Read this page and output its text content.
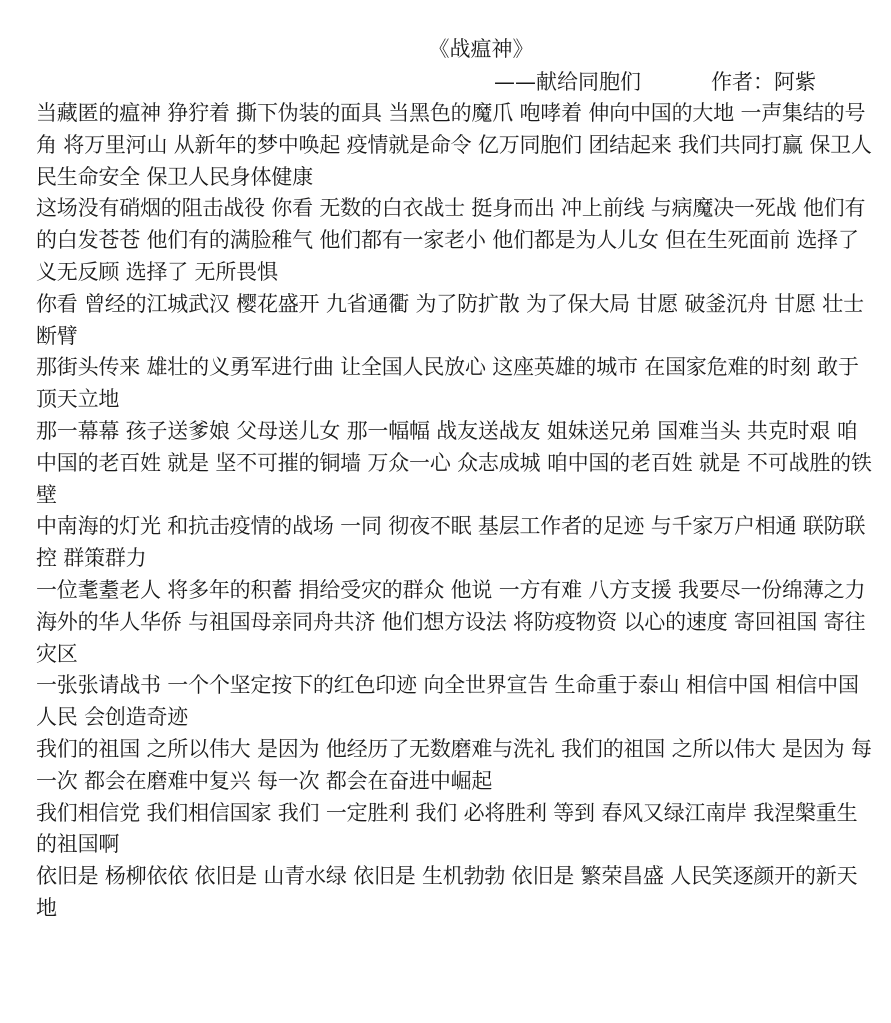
《战瘟神》
——献给同胞们	作者：阿紫

当藏匿的瘟神 狰狞着 撕下伪装的面具 当黑色的魔爪 咆哮着 伸向中国的大地 一声集结的号角 将万里河山 从新年的梦中唤起 疫情就是命令 亿万同胞们 团结起来 我们共同打赢 保卫人民生命安全 保卫人民身体健康

这场没有硝烟的阻击战役 你看 无数的白衣战士 挺身而出 冲上前线 与病魔决一死战 他们有的白发苍苍 他们有的满脸稚气 他们都有一家老小 他们都是为人儿女 但在生死面前 选择了 义无反顾 选择了 无所畏惧

你看 曾经的江城武汉 樱花盛开 九省通衢 为了防扩散 为了保大局 甘愿 破釜沉舟 甘愿 壮士断臂

那街头传来 雄壮的义勇军进行曲 让全国人民放心 这座英雄的城市 在国家危难的时刻 敢于 顶天立地

那一幕幕 孩子送爹娘 父母送儿女 那一幅幅 战友送战友 姐妹送兄弟 国难当头 共克时艰 咱中国的老百姓 就是 坚不可摧的铜墙 万众一心 众志成城 咱中国的老百姓 就是 不可战胜的铁壁

中南海的灯光 和抗击疫情的战场 一同 彻夜不眠 基层工作者的足迹 与千家万户相通 联防联控 群策群力

一位耄耋老人 将多年的积蓄 捐给受灾的群众 他说 一方有难 八方支援 我要尽一份绵薄之力 海外的华人华侨 与祖国母亲同舟共济 他们想方设法 将防疫物资 以心的速度 寄回祖国 寄往灾区

一张张请战书 一个个坚定按下的红色印迹 向全世界宣告 生命重于泰山 相信中国 相信中国人民 会创造奇迹

我们的祖国 之所以伟大 是因为 他经历了无数磨难与洗礼 我们的祖国 之所以伟大 是因为 每一次 都会在磨难中复兴 每一次 都会在奋进中崛起

我们相信党 我们相信国家 我们 一定胜利 我们 必将胜利 等到 春风又绿江南岸 我涅槃重生的祖国啊

依旧是 杨柳依依 依旧是 山青水绿 依旧是 生机勃勃 依旧是 繁荣昌盛 人民笑逐颜开的新天地
